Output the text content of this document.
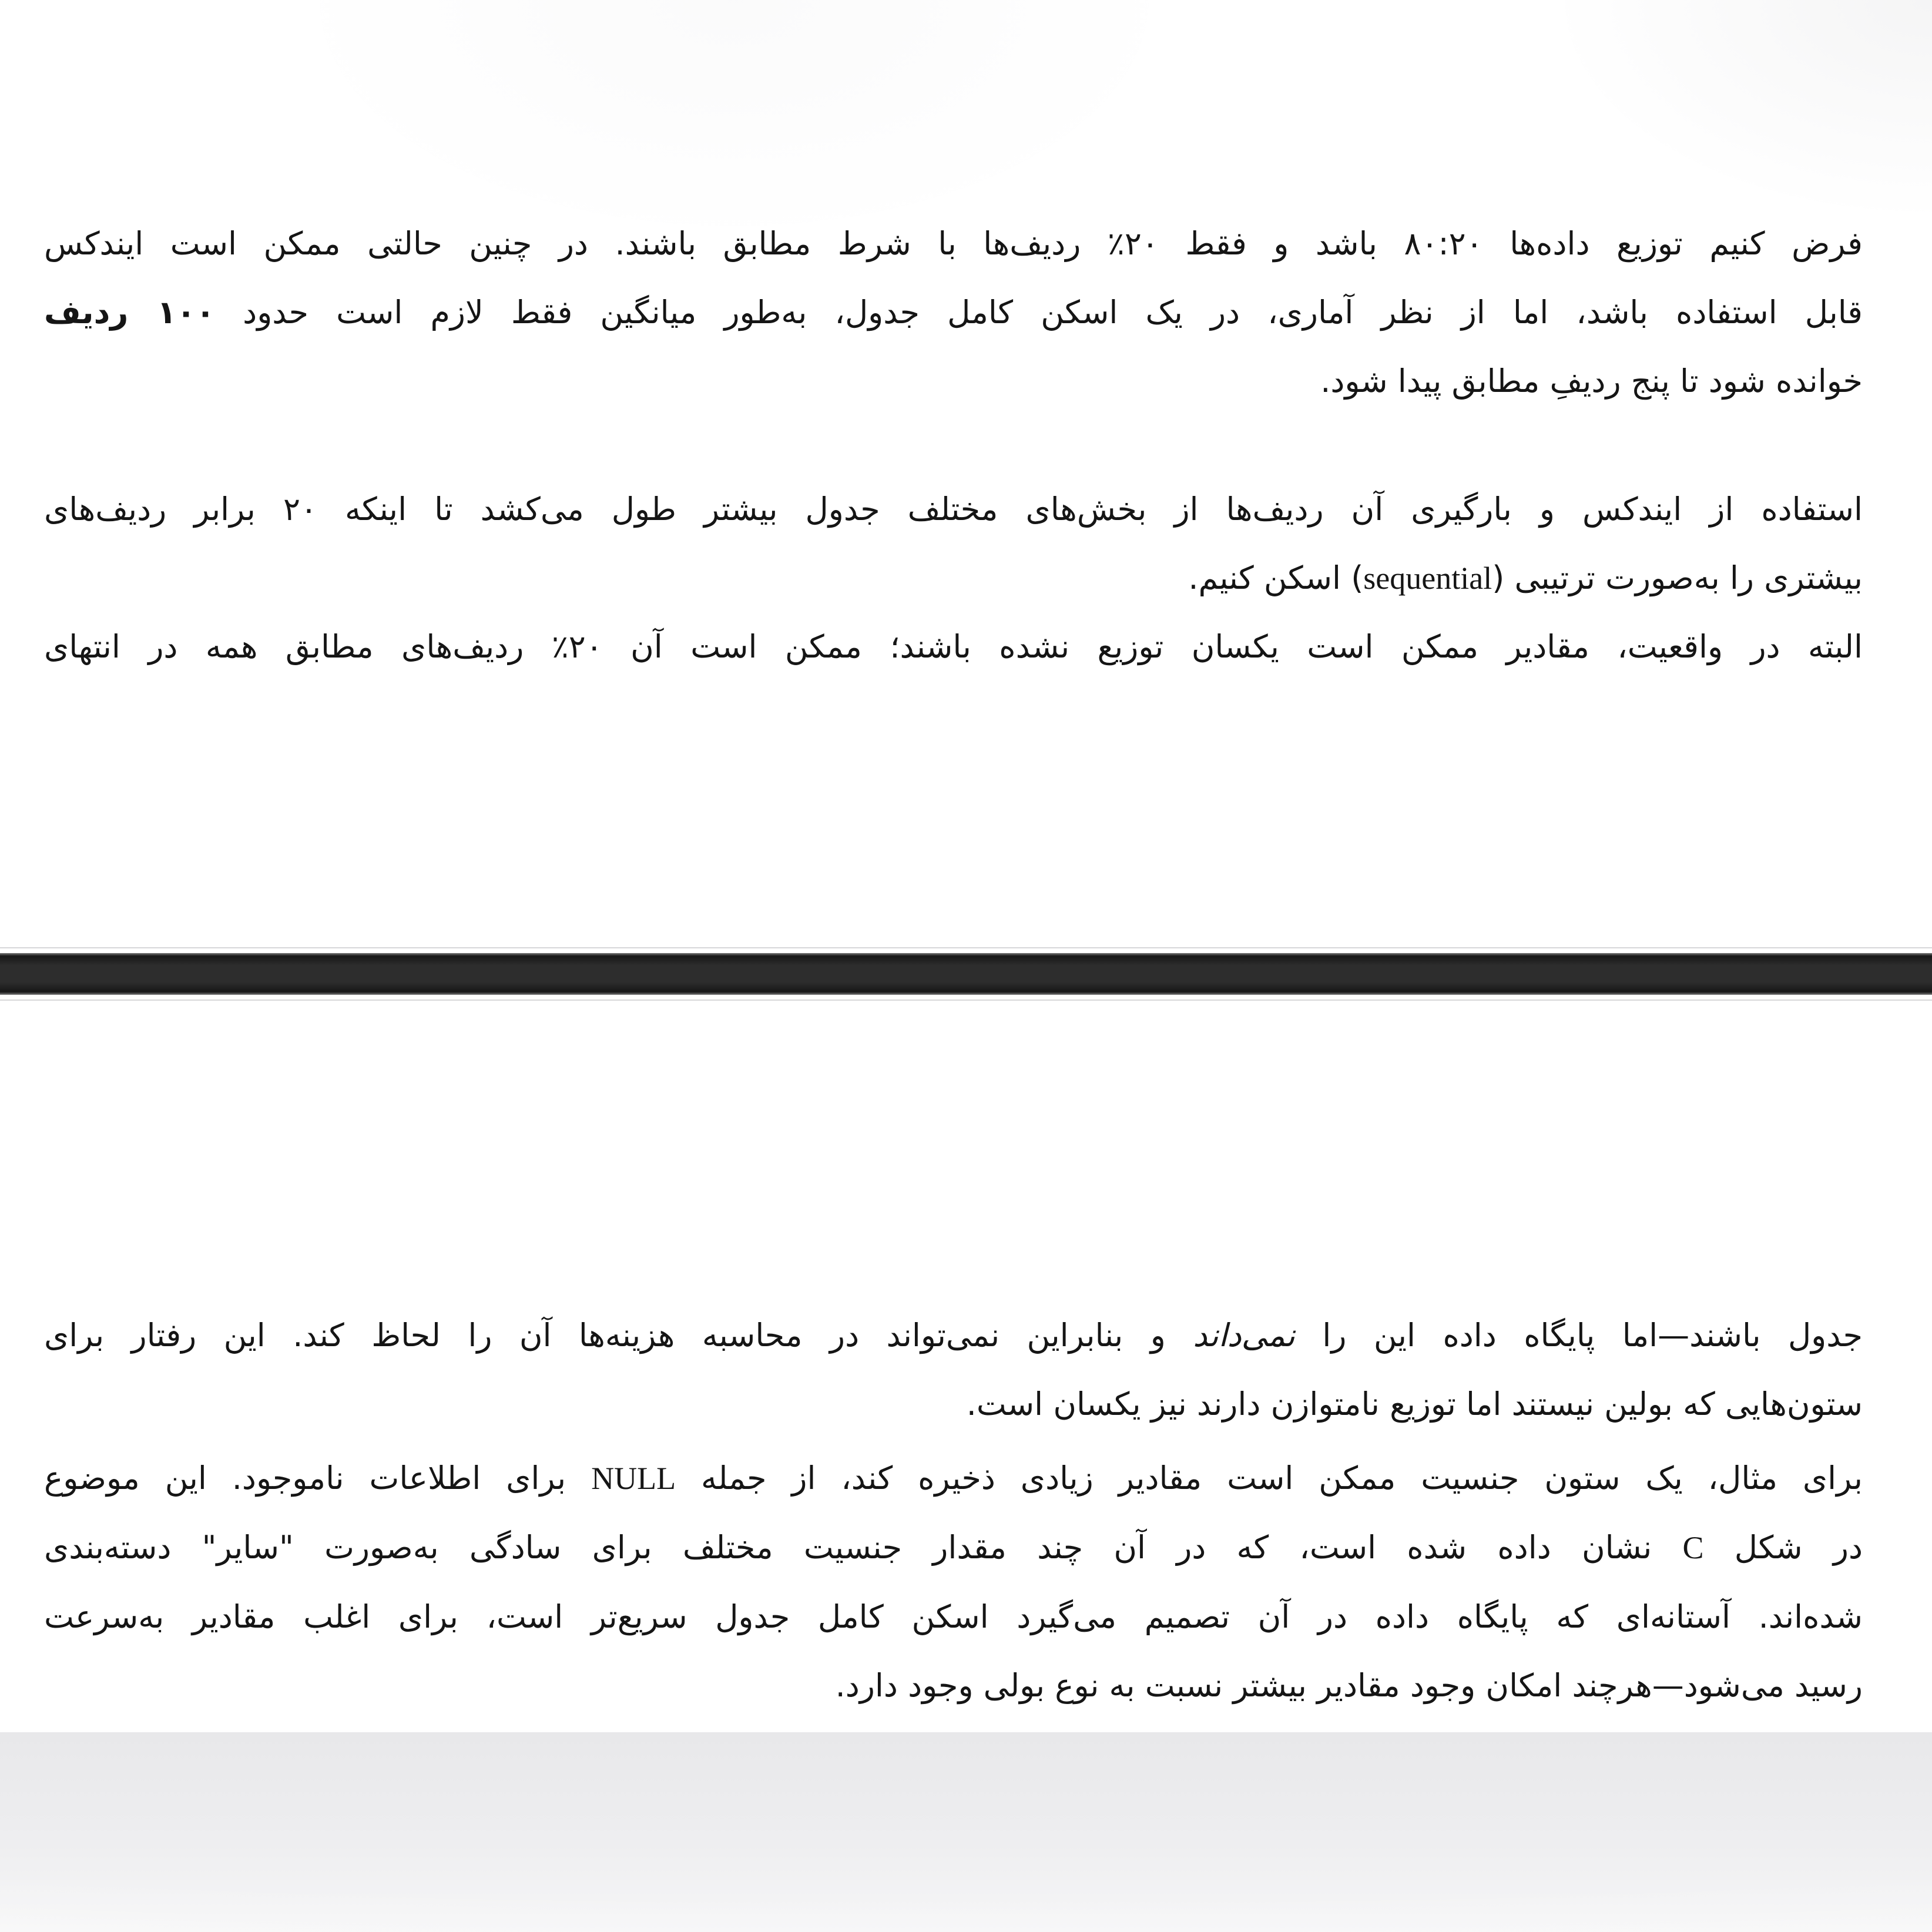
فرض کنیم توزیع داده‌ها ۸۰:۲۰ باشد و فقط ۲۰٪ ردیف‌ها با شرط مطابق باشند. در چنین حالتی ممکن است ایندکس
قابل استفاده باشد، اما از نظر آماری، در یک اسکن کامل جدول، به‌طور میانگین فقط لازم است حدود ۱۰۰ ردیف
خوانده شود تا پنج ردیفِ مطابق پیدا شود.
استفاده از ایندکس و بارگیری آن ردیف‌ها از بخش‌های مختلف جدول بیشتر طول می‌کشد تا اینکه ۲۰ برابر ردیف‌های
بیشتری را به‌صورت ترتیبی (sequential) اسکن کنیم.
البته در واقعیت، مقادیر ممکن است یکسان توزیع نشده باشند؛ ممکن است آن ۲۰٪ ردیف‌های مطابق همه در انتهای
جدول باشند—اما پایگاه داده این را نمی‌داند و بنابراین نمی‌تواند در محاسبه هزینه‌ها آن را لحاظ کند. این رفتار برای
ستون‌هایی که بولین نیستند اما توزیع نامتوازن دارند نیز یکسان است.
برای مثال، یک ستون جنسیت ممکن است مقادیر زیادی ذخیره کند، از جمله NULL برای اطلاعات ناموجود. این موضوع
در شکل C نشان داده شده است، که در آن چند مقدار جنسیت مختلف برای سادگی به‌صورت "سایر" دسته‌بندی
شده‌اند. آستانه‌ای که پایگاه داده در آن تصمیم می‌گیرد اسکن کامل جدول سریع‌تر است، برای اغلب مقادیر به‌سرعت
رسید می‌شود—هرچند امکان وجود مقادیر بیشتر نسبت به نوع بولی وجود دارد.
